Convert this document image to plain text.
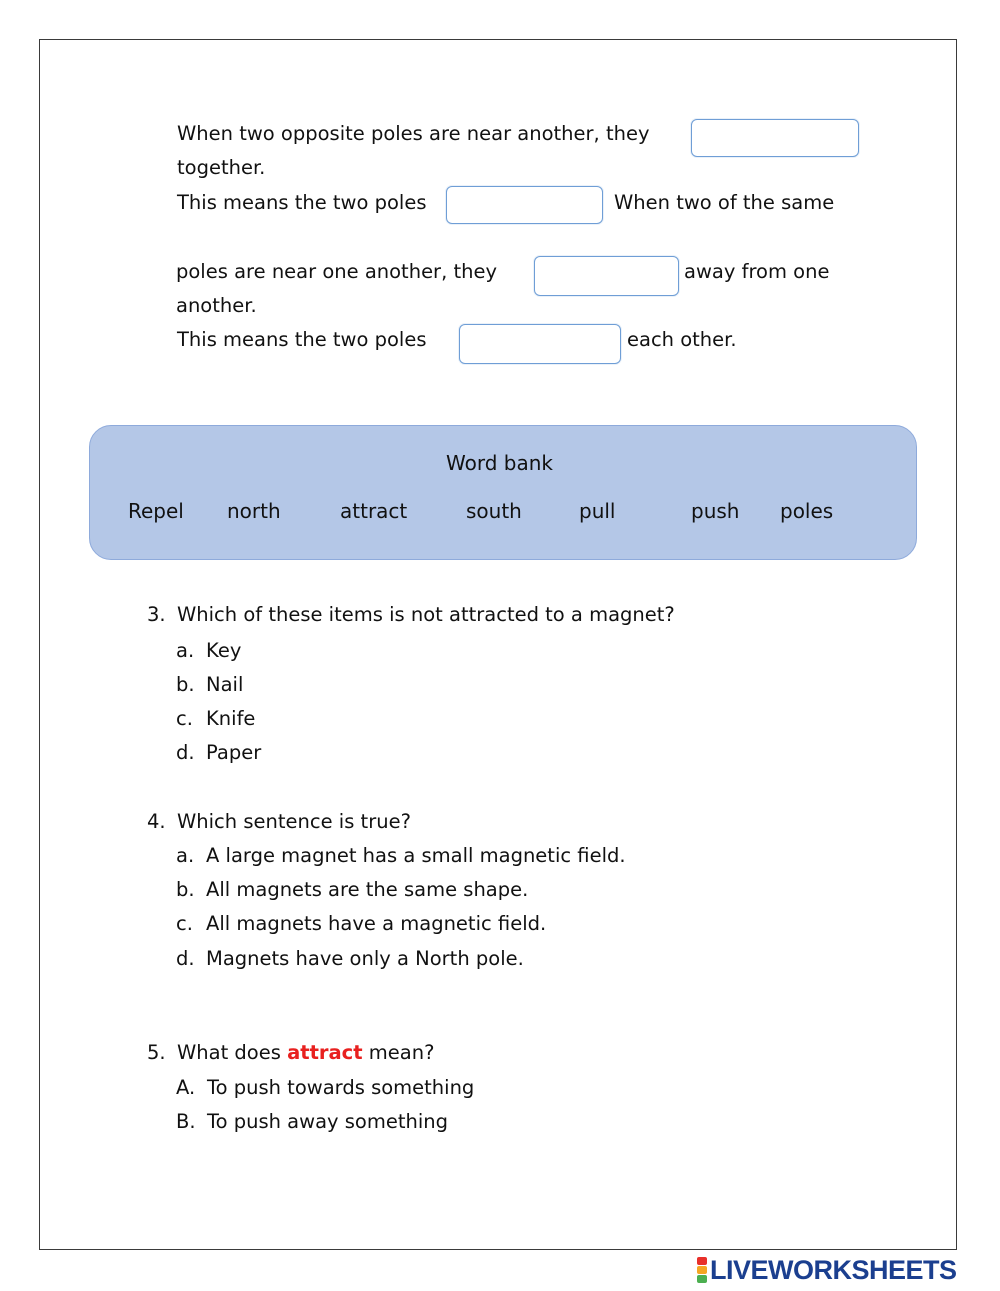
When two opposite poles are near another, they
together.
This means the two poles	When two of the same
poles are near one another, they	away from one
another.
This means the two poles	each other.
Word bank
Repel north	attract	south	pull	push poles
3. Which of these items is not attracted to a magnet?
a. Key
b. Nail
c. Knife
d. Paper
4. Which sentence is true?
a. A large magnet has a small magnetic field.
b. All magnets are the same shape.
c. All magnets have a magnetic field.
d. Magnets have only a North pole.
5. What does attract mean?
A. To push towards something
B. To push away something
LIVEWORKSHEETS
